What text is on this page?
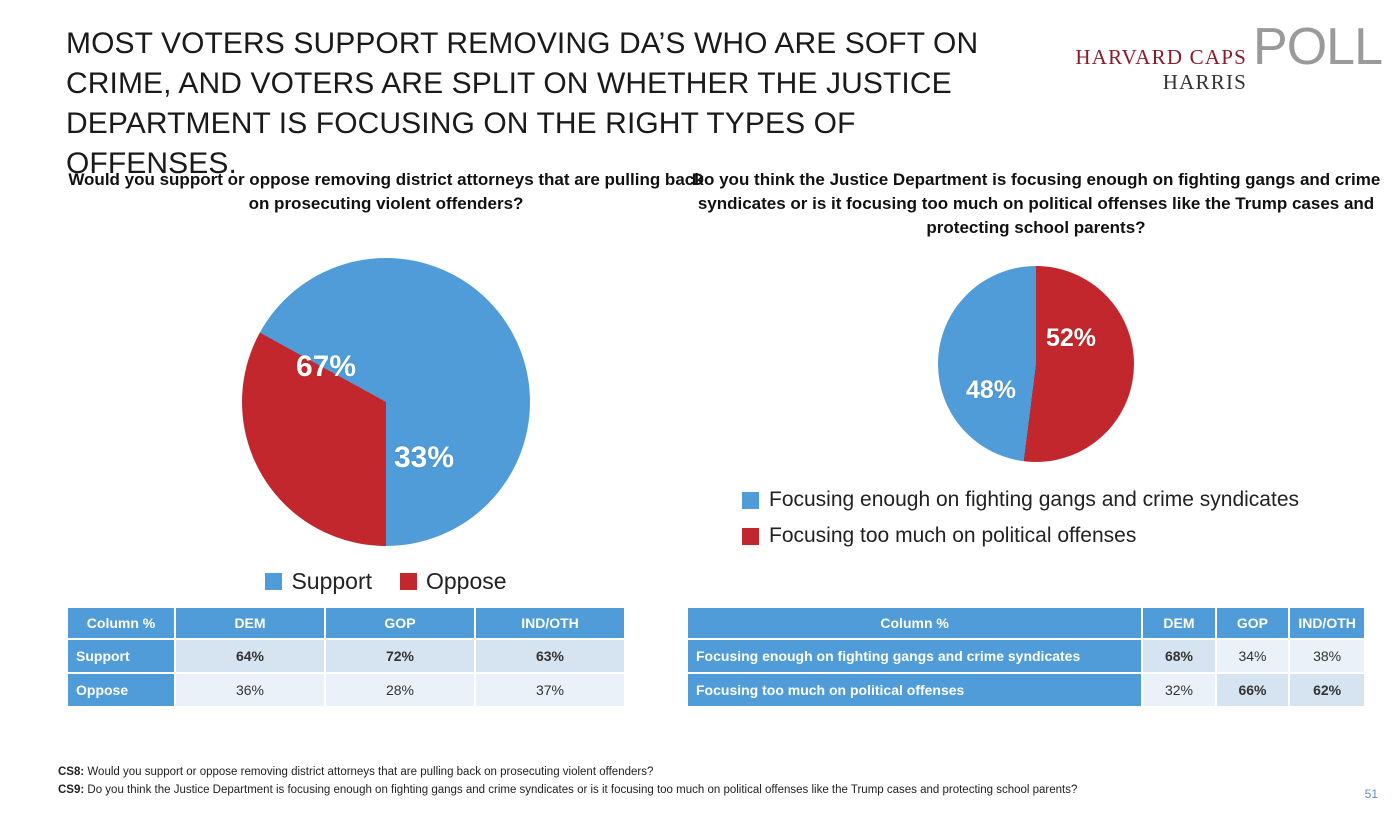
MOST VOTERS SUPPORT REMOVING DA’S WHO ARE SOFT ON CRIME, AND VOTERS ARE SPLIT ON WHETHER THE JUSTICE DEPARTMENT IS FOCUSING ON THE RIGHT TYPES OF OFFENSES.
HARVARD CAPS
HARRIS
POLL
Would you support or oppose removing district attorneys that are pulling back on prosecuting violent offenders?
67%
33%
Support Oppose
Do you think the Justice Department is focusing enough on fighting gangs and crime syndicates or is it focusing too much on political offenses like the Trump cases and protecting school parents?
48%
52%
Focusing enough on fighting gangs and crime syndicates
Focusing too much on political offenses
Column %	DEM	GOP	IND/OTH
Support	64%	72%	63%
Oppose	36%	28%	37%
Column %	DEM	GOP	IND/OTH
Focusing enough on fighting gangs and crime syndicates	68%	34%	38%
Focusing too much on political offenses	32%	66%	62%
CS8: Would you support or oppose removing district attorneys that are pulling back on prosecuting violent offenders?
CS9: Do you think the Justice Department is focusing enough on fighting gangs and crime syndicates or is it focusing too much on political offenses like the Trump cases and protecting school parents?	51
